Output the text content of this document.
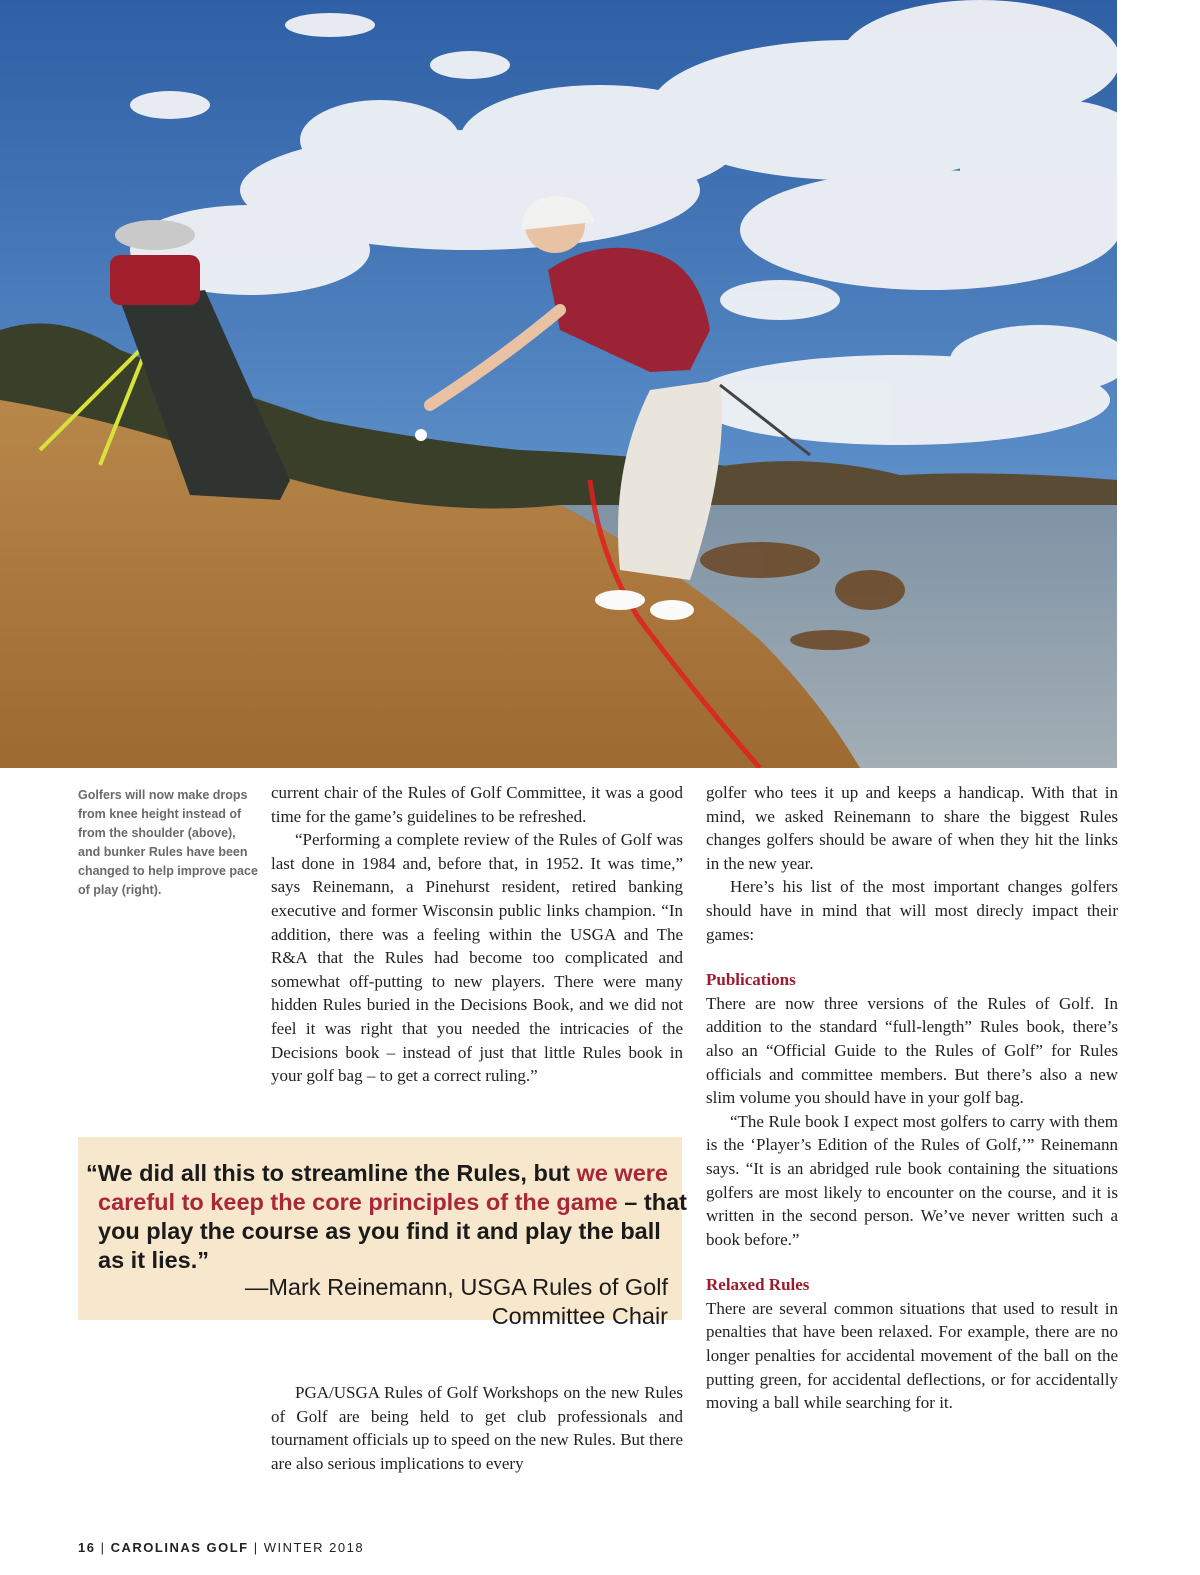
Golfers will now make drops from knee height instead of from the shoulder (above), and bunker Rules have been changed to help improve pace of play (right).

current chair of the Rules of Golf Committee, it was a good time for the game’s guidelines to be refreshed.

“Performing a complete review of the Rules of Golf was last done in 1984 and, before that, in 1952. It was time,” says Reinemann, a Pinehurst resident, retired banking executive and former Wisconsin public links champion. “In addition, there was a feeling within the USGA and The R&A that the Rules had become too complicated and somewhat off-putting to new players. There were many hidden Rules buried in the Decisions Book, and we did not feel it was right that you needed the intricacies of the Decisions book – instead of just that little Rules book in your golf bag – to get a correct ruling.”

“We did all this to streamline the Rules, but we were careful to keep the core principles of the game – that you play the course as you find it and play the ball as it lies.”
—Mark Reinemann, USGA Rules of Golf Committee Chair

PGA/USGA Rules of Golf Workshops on the new Rules of Golf are being held to get club professionals and tournament officials up to speed on the new Rules. But there are also serious implications to every

golfer who tees it up and keeps a handicap. With that in mind, we asked Reinemann to share the biggest Rules changes golfers should be aware of when they hit the links in the new year.

Here’s his list of the most important changes golfers should have in mind that will most direcly impact their games:

Publications

There are now three versions of the Rules of Golf. In addition to the standard “full-length” Rules book, there’s also an “Official Guide to the Rules of Golf” for Rules officials and committee members. But there’s also a new slim volume you should have in your golf bag.

“The Rule book I expect most golfers to carry with them is the ‘Player’s Edition of the Rules of Golf,’” Reinemann says. “It is an abridged rule book containing the situations golfers are most likely to encounter on the course, and it is written in the second person. We’ve never written such a book before.”

Relaxed Rules

There are several common situations that used to result in penalties that have been relaxed. For example, there are no longer penalties for accidental movement of the ball on the putting green, for accidental deflections, or for accidentally moving a ball while searching for it.

16 | CAROLINAS GOLF | WINTER 2018
